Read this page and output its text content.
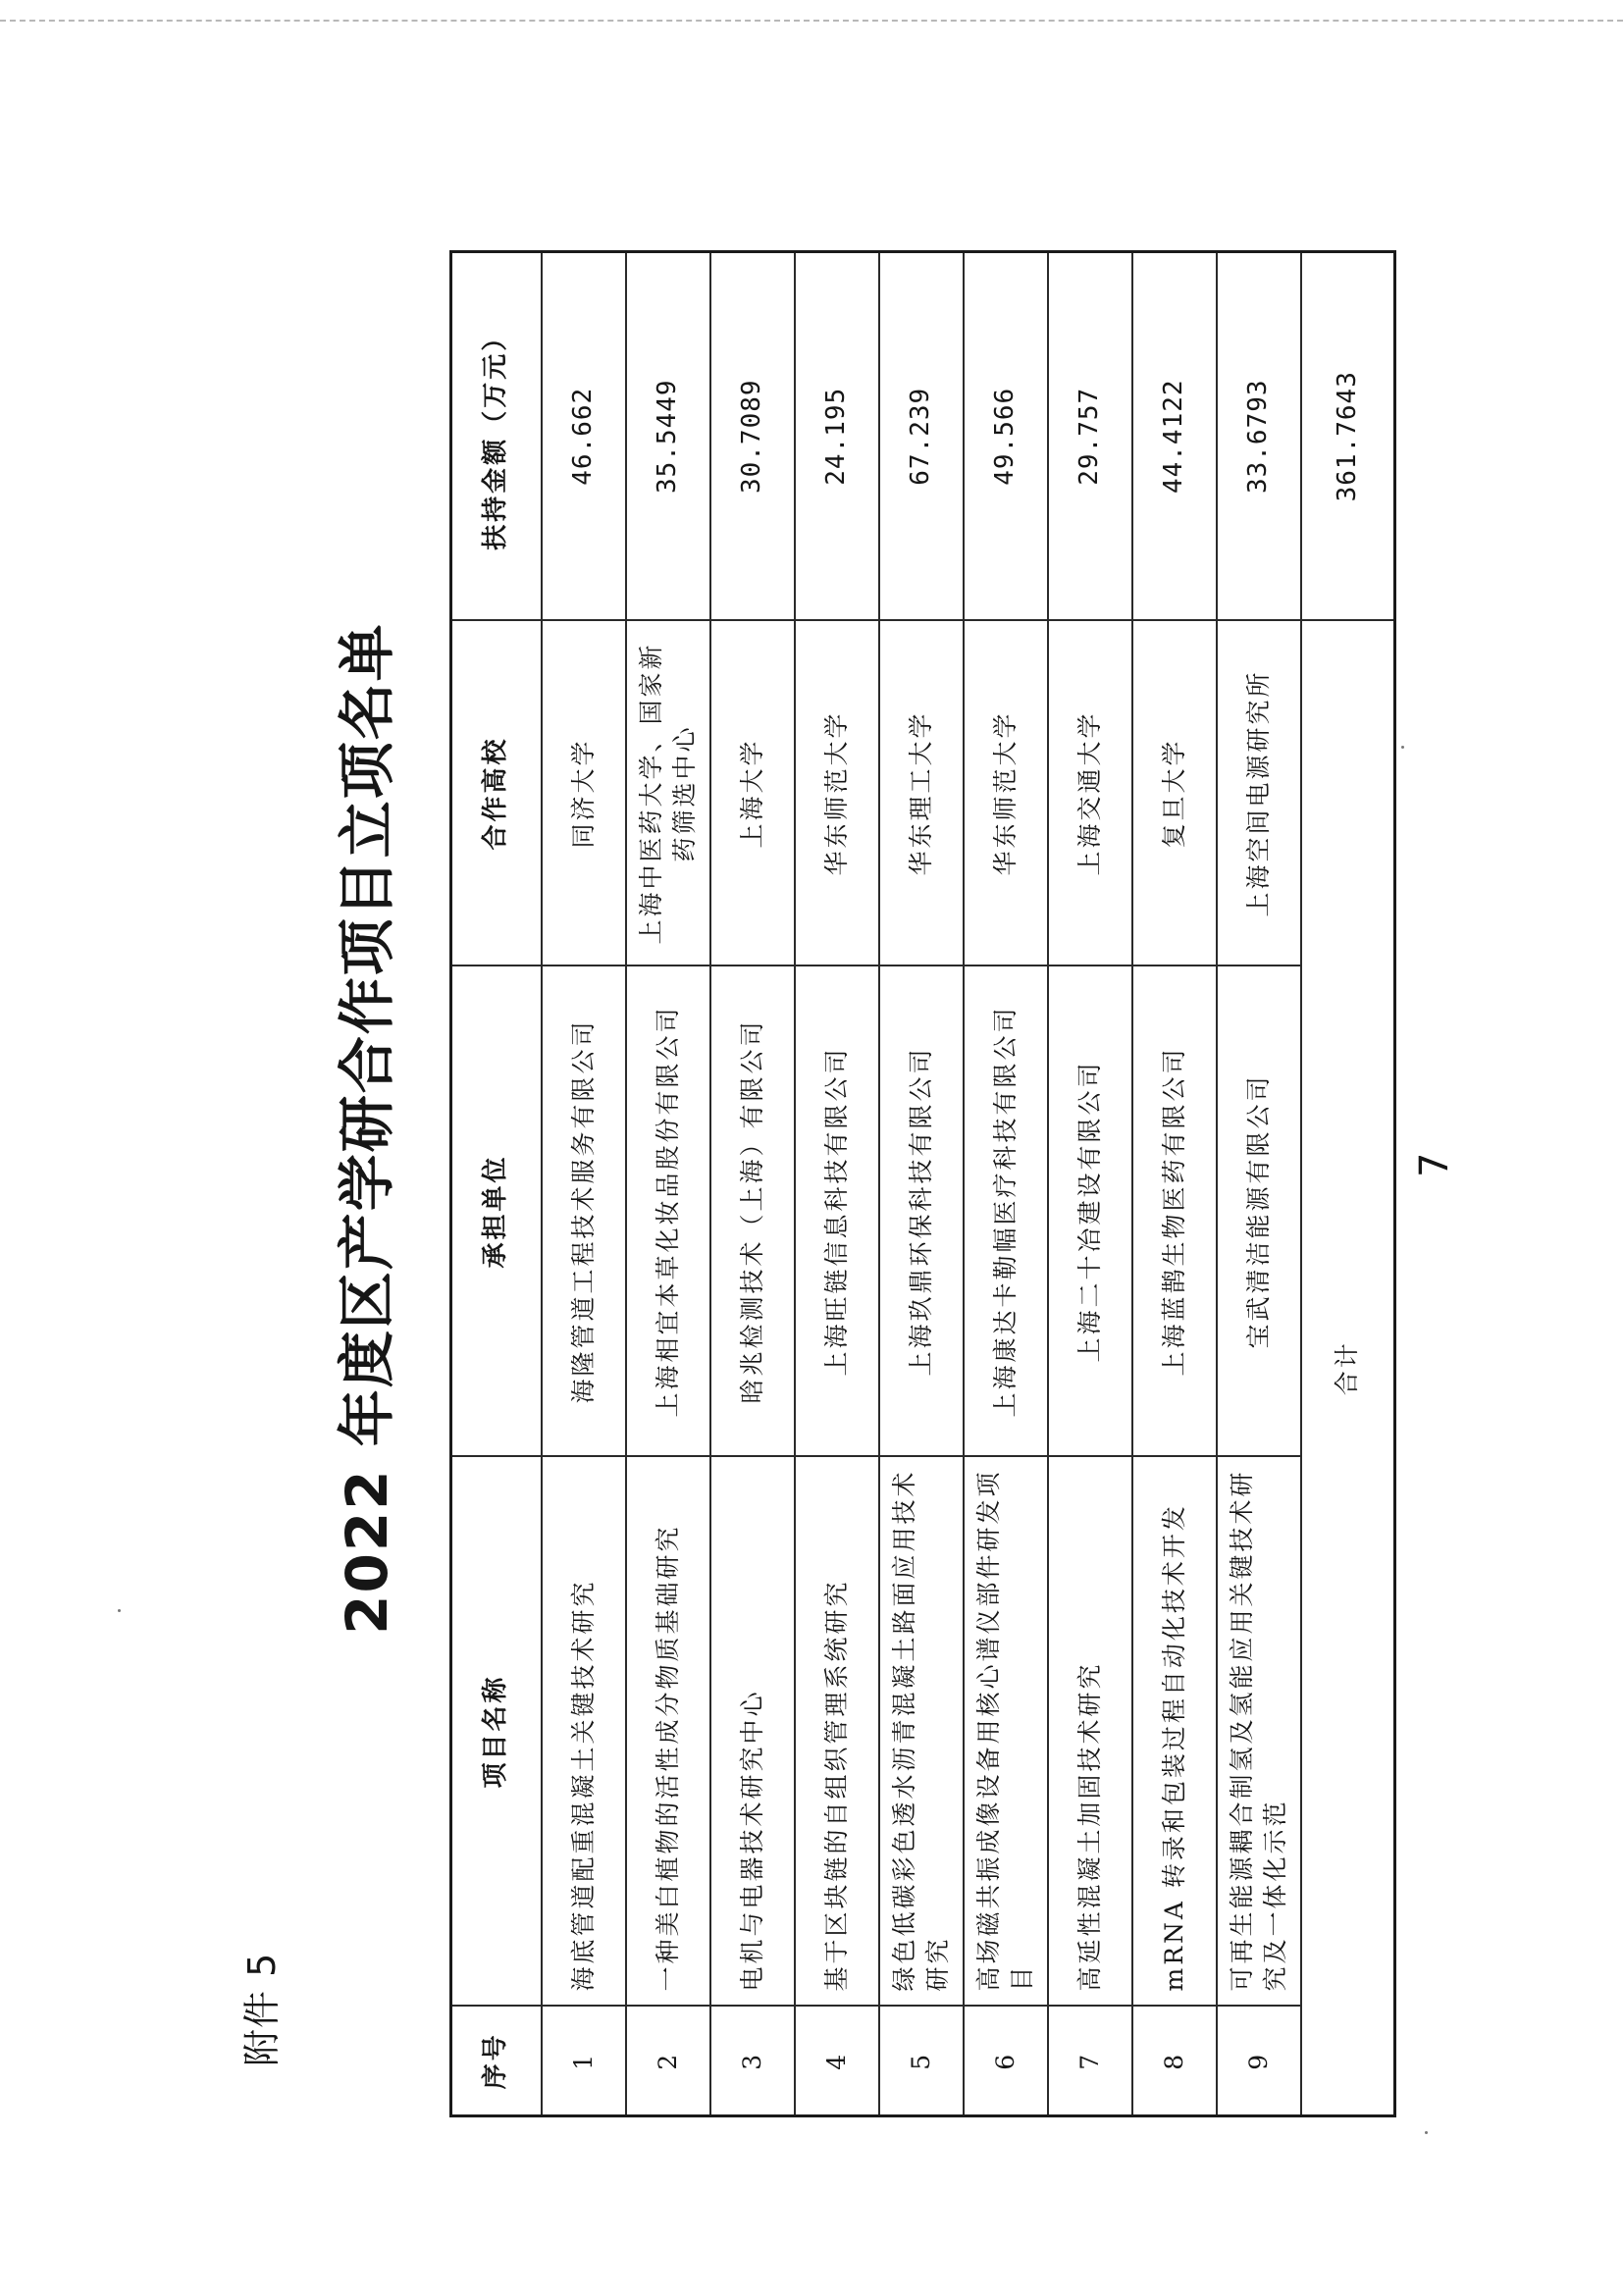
附件 5
2022 年度区产学研合作项目立项名单	7
序号	项目名称	承担单位	合作高校	扶持金额（万元）
1	海底管道配重混凝土关键技术研究	海隆管道工程技术服务有限公司	同济大学	46.662
2	一种美白植物的活性成分物质基础研究	上海相宜本草化妆品股份有限公司	上海中医药大学、国家新药筛选中心	35.5449
3	电机与电器技术研究中心	晗兆检测技术（上海）有限公司	上海大学	30.7089
4	基于区块链的自组织管理系统研究	上海旺链信息科技有限公司	华东师范大学	24.195
5	绿色低碳彩色透水沥青混凝土路面应用技术研究	上海玖鼎环保科技有限公司	华东理工大学	67.239
6	高场磁共振成像设备用核心谱仪部件研发项目	上海康达卡勒幅医疗科技有限公司	华东师范大学	49.566
7	高延性混凝土加固技术研究	上海二十冶建设有限公司	上海交通大学	29.757
8	mRNA 转录和包装过程自动化技术开发	上海蓝鹊生物医药有限公司	复旦大学	44.4122
9	可再生能源耦合制氢及氢能应用关键技术研究及一体化示范	宝武清洁能源有限公司	上海空间电源研究所	33.6793
合计				361.7643
